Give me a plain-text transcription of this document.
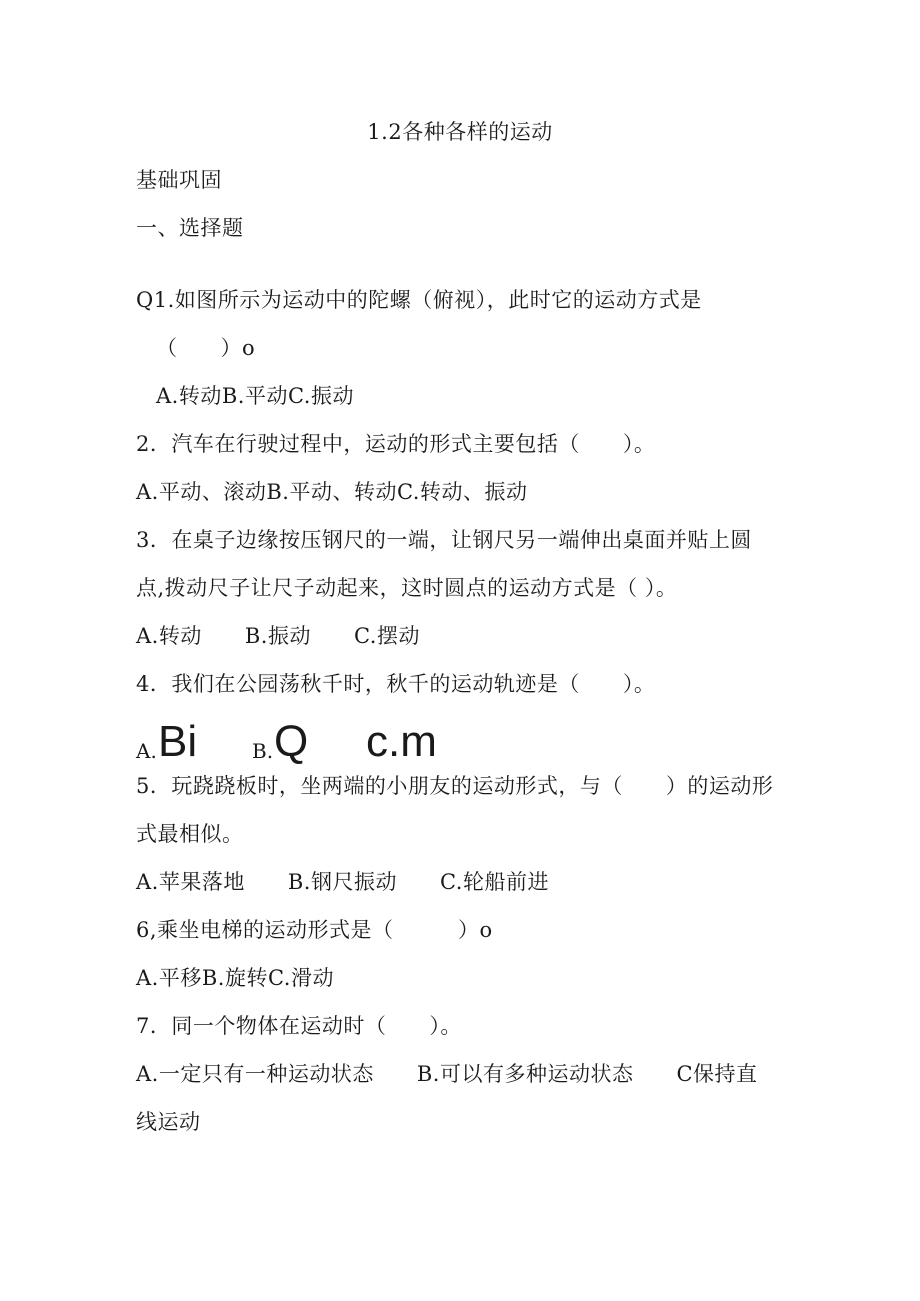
1.2各种各样的运动
基础巩固
一、选择题
Q1.如图所示为运动中的陀螺（俯视），此时它的运动方式是
（　　）o
A.转动B.平动C.振动
2．汽车在行驶过程中，运动的形式主要包括（　　）。
A.平动、滚动B.平动、转动C.转动、振动
3．在桌子边缘按压钢尺的一端，让钢尺另一端伸出桌面并贴上圆
点,拨动尺子让尺子动起来，这时圆点的运动方式是（ ）。
A.转动　　B.振动　　C.摆动
4．我们在公园荡秋千时，秋千的运动轨迹是（　　）。
A. Bi	B. Q c.m
5．玩跷跷板时，坐两端的小朋友的运动形式，与（　　）的运动形
式最相似。
A.苹果落地　　B.钢尺振动　　C.轮船前进
6,乘坐电梯的运动形式是（　　　）o
A.平移B.旋转C.滑动
7．同一个物体在运动时（　　）。
A.一定只有一种运动状态　　B.可以有多种运动状态　　C保持直
线运动
